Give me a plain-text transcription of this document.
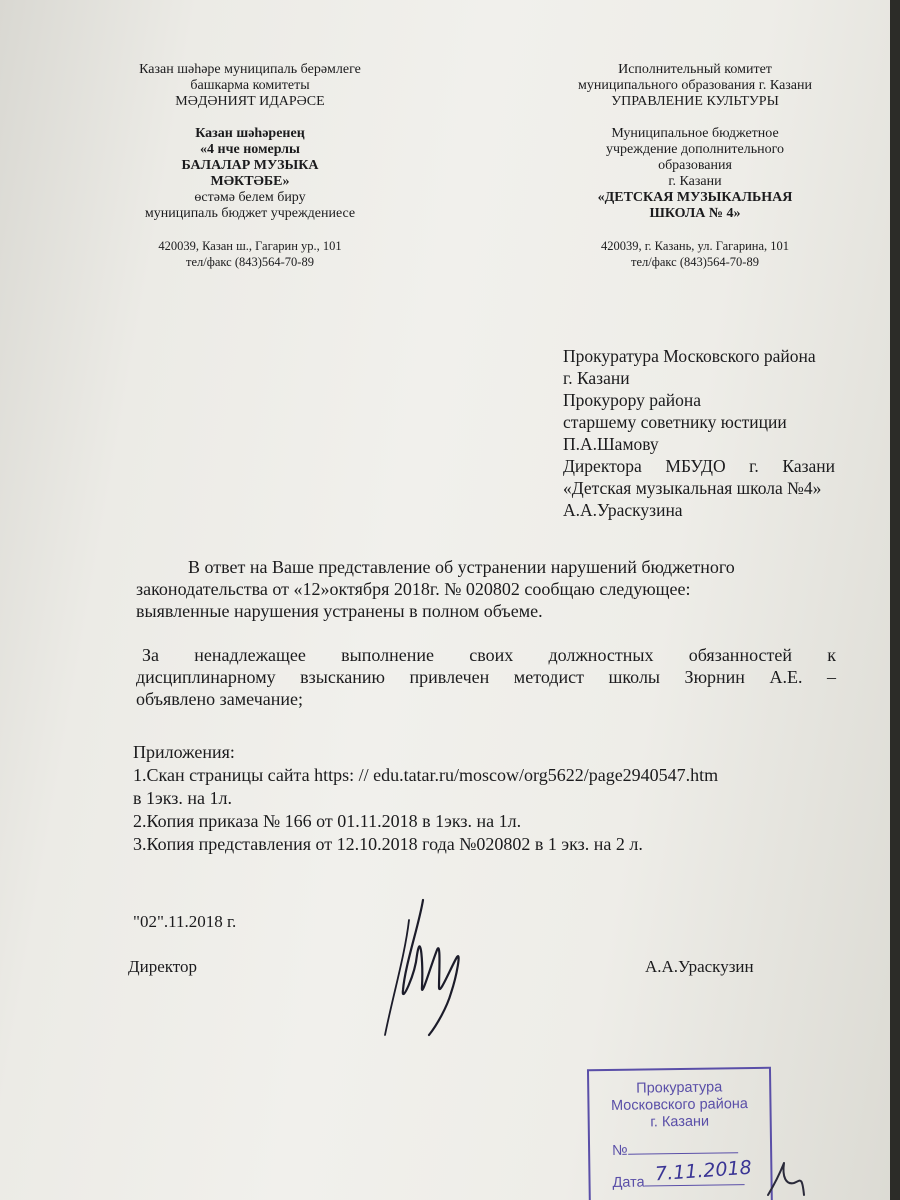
Казан шәһәре муниципаль берәмлеге
башкарма комитеты
МӘДӘНИЯТ ИДАРӘСЕ
Казан шәһәренең
«4 нче номерлы
БАЛАЛАР МУЗЫКА
МӘКТӘБЕ»
өстәмә белем биру
муниципаль бюджет учреждениесе
420039, Казан ш., Гагарин ур., 101
тел/факс (843)564-70-89
Исполнительный комитет
муниципального образования г. Казани
УПРАВЛЕНИЕ КУЛЬТУРЫ
Муниципальное бюджетное
учреждение дополнительного
образования
г. Казани
«ДЕТСКАЯ МУЗЫКАЛЬНАЯ
ШКОЛА № 4»
420039, г. Казань, ул. Гагарина, 101
тел/факс (843)564-70-89
Прокуратура Московского района
г. Казани
Прокурору района
старшему советнику юстиции
П.А.Шамову
Директора МБУДО г. Казани
«Детская музыкальная школа №4»
А.А.Ураскузина
В ответ на Ваше представление об устранении нарушений бюджетного
законодательства от «12»октября 2018г. № 020802 сообщаю следующее:
выявленные нарушения устранены в полном объеме.
За ненадлежащее выполнение своих должностных обязанностей к
дисциплинарному взысканию привлечен методист школы Зюрнин А.Е. –
объявлено замечание;
Приложения:
1.Скан страницы сайта https: // edu.tatar.ru/moscow/org5622/page2940547.htm
в 1экз. на 1л.
2.Копия приказа № 166 от 01.11.2018 в 1экз. на 1л.
3.Копия представления от 12.10.2018 года №020802 в 1 экз. на 2 л.
"02".11.2018 г.
Директор	А.А.Ураскузин
Прокуратура
Московского района
г. Казани
№
Дата 7.11.2018
